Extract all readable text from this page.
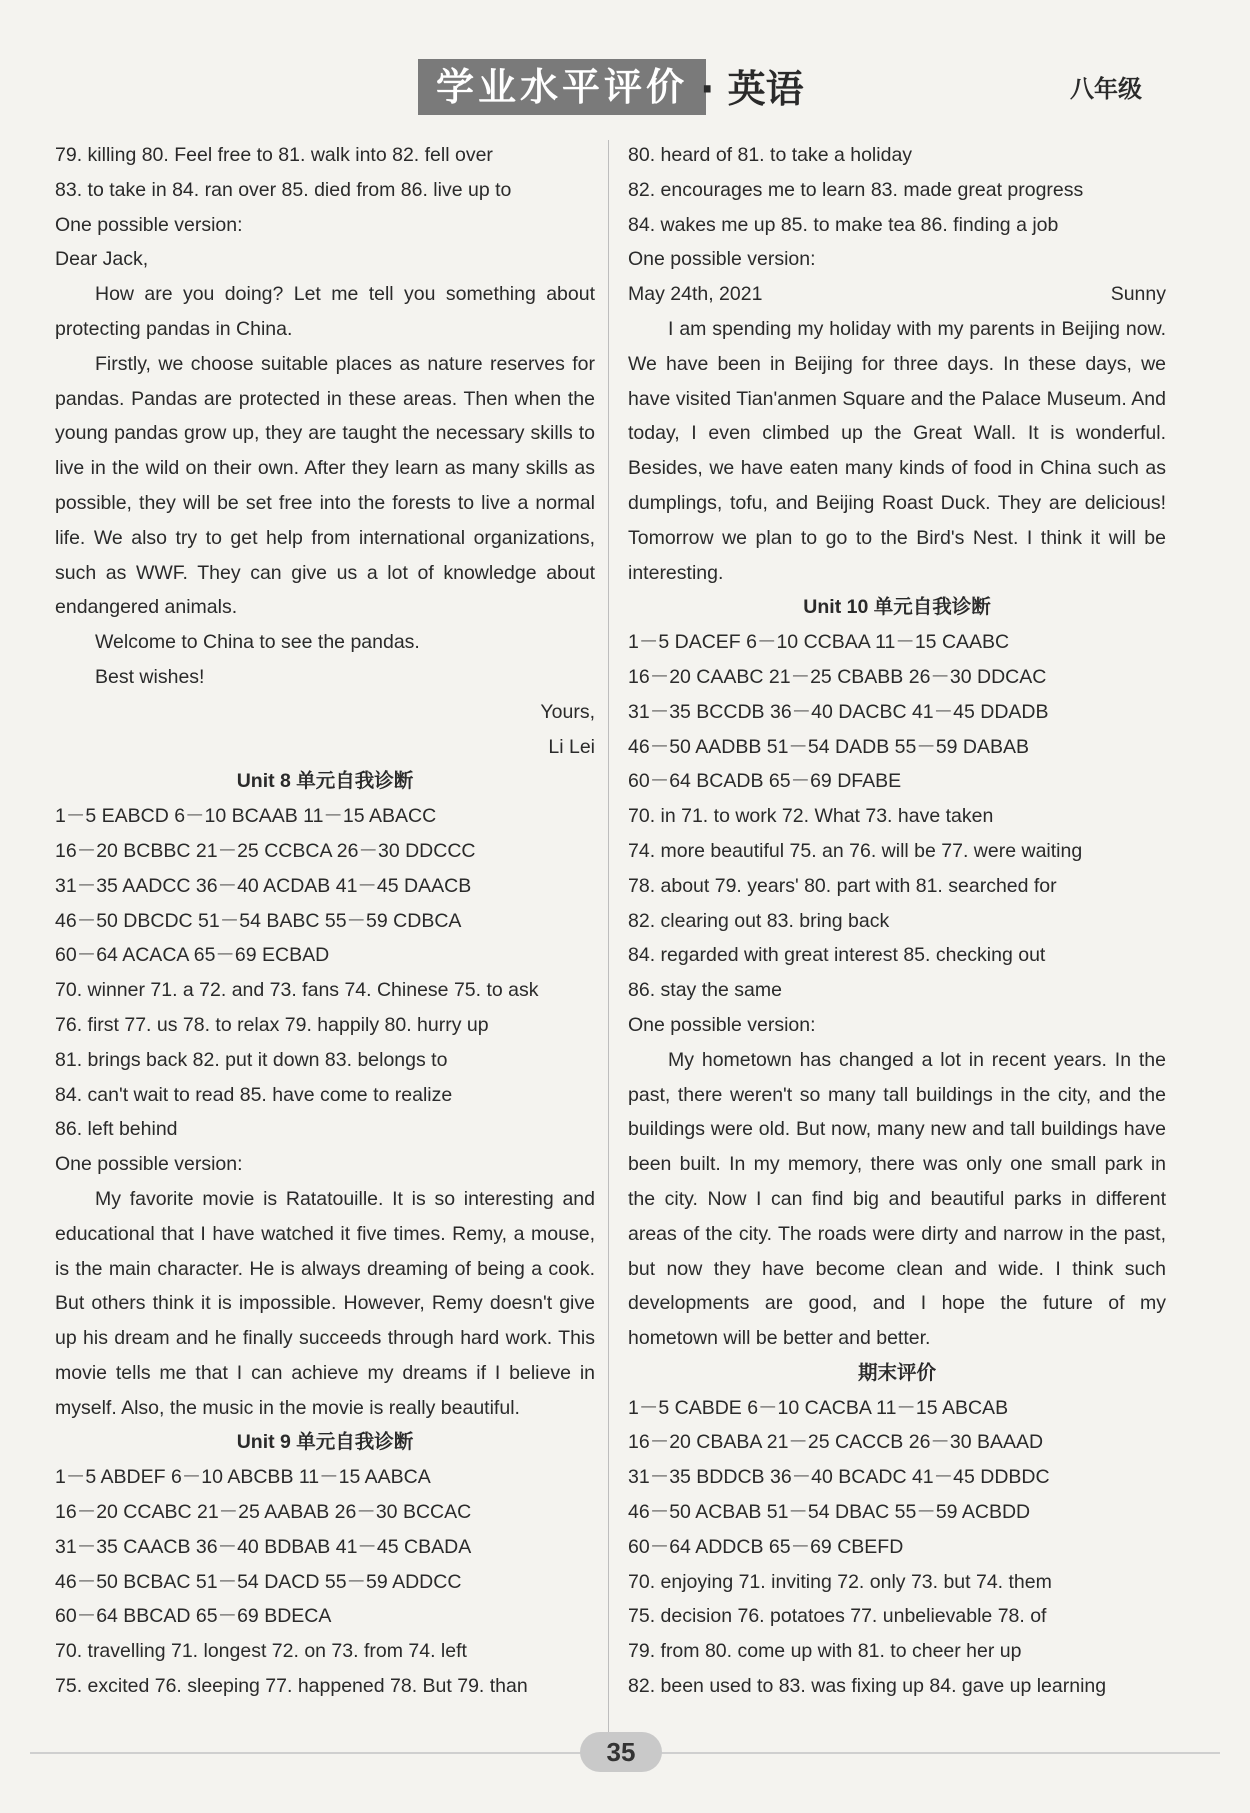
学业水平评价 · 英语	八年级
79. killing 80. Feel free to 81. walk into 82. fell over
83. to take in 84. ran over 85. died from 86. live up to
One possible version:
Dear Jack,

How are you doing? Let me tell you something about protecting pandas in China.

Firstly, we choose suitable places as nature reserves for pandas. Pandas are protected in these areas. Then when the young pandas grow up, they are taught the necessary skills to live in the wild on their own. After they learn as many skills as possible, they will be set free into the forests to live a normal life. We also try to get help from international organizations, such as WWF. They can give us a lot of knowledge about endangered animals.

Welcome to China to see the pandas.

Best wishes!

Yours,
Li Lei
Unit 8 单元自我诊断
1－5 EABCD 6－10 BCAAB 11－15 ABACC
16－20 BCBBC 21－25 CCBCA 26－30 DDCCC
31－35 AADCC 36－40 ACDAB 41－45 DAACB
46－50 DBCDC 51－54 BABC 55－59 CDBCA
60－64 ACACA 65－69 ECBAD
70. winner 71. a 72. and 73. fans 74. Chinese 75. to ask
76. first 77. us 78. to relax 79. happily 80. hurry up
81. brings back 82. put it down 83. belongs to
84. can't wait to read 85. have come to realize
86. left behind
One possible version:

My favorite movie is Ratatouille. It is so interesting and educational that I have watched it five times. Remy, a mouse, is the main character. He is always dreaming of being a cook. But others think it is impossible. However, Remy doesn't give up his dream and he finally succeeds through hard work. This movie tells me that I can achieve my dreams if I believe in myself. Also, the music in the movie is really beautiful.

Unit 9 单元自我诊断
1－5 ABDEF 6－10 ABCBB 11－15 AABCA
16－20 CCABC 21－25 AABAB 26－30 BCCAC
31－35 CAACB 36－40 BDBAB 41－45 CBADA
46－50 BCBAC 51－54 DACD 55－59 ADDCC
60－64 BBCAD 65－69 BDECA
70. travelling 71. longest 72. on 73. from 74. left
75. excited 76. sleeping 77. happened 78. But 79. than
80. heard of 81. to take a holiday
82. encourages me to learn 83. made great progress
84. wakes me up 85. to make tea 86. finding a job
One possible version:
May 24th, 2021	Sunny

I am spending my holiday with my parents in Beijing now. We have been in Beijing for three days. In these days, we have visited Tian'anmen Square and the Palace Museum. And today, I even climbed up the Great Wall. It is wonderful. Besides, we have eaten many kinds of food in China such as dumplings, tofu, and Beijing Roast Duck. They are delicious! Tomorrow we plan to go to the Bird's Nest. I think it will be interesting.

Unit 10 单元自我诊断
1－5 DACEF 6－10 CCBAA 11－15 CAABC
16－20 CAABC 21－25 CBABB 26－30 DDCAC
31－35 BCCDB 36－40 DACBC 41－45 DDADB
46－50 AADBB 51－54 DADB 55－59 DABAB
60－64 BCADB 65－69 DFABE
70. in 71. to work 72. What 73. have taken
74. more beautiful 75. an 76. will be 77. were waiting
78. about 79. years' 80. part with 81. searched for
82. clearing out 83. bring back
84. regarded with great interest 85. checking out
86. stay the same
One possible version:

My hometown has changed a lot in recent years. In the past, there weren't so many tall buildings in the city, and the buildings were old. But now, many new and tall buildings have been built. In my memory, there was only one small park in the city. Now I can find big and beautiful parks in different areas of the city. The roads were dirty and narrow in the past, but now they have become clean and wide. I think such developments are good, and I hope the future of my hometown will be better and better.

期末评价
1－5 CABDE 6－10 CACBA 11－15 ABCAB
16－20 CBABA 21－25 CACCB 26－30 BAAAD
31－35 BDDCB 36－40 BCADC 41－45 DDBDC
46－50 ACBAB 51－54 DBAC 55－59 ACBDD
60－64 ADDCB 65－69 CBEFD
70. enjoying 71. inviting 72. only 73. but 74. them
75. decision 76. potatoes 77. unbelievable 78. of
79. from 80. come up with 81. to cheer her up
82. been used to 83. was fixing up 84. gave up learning
35
